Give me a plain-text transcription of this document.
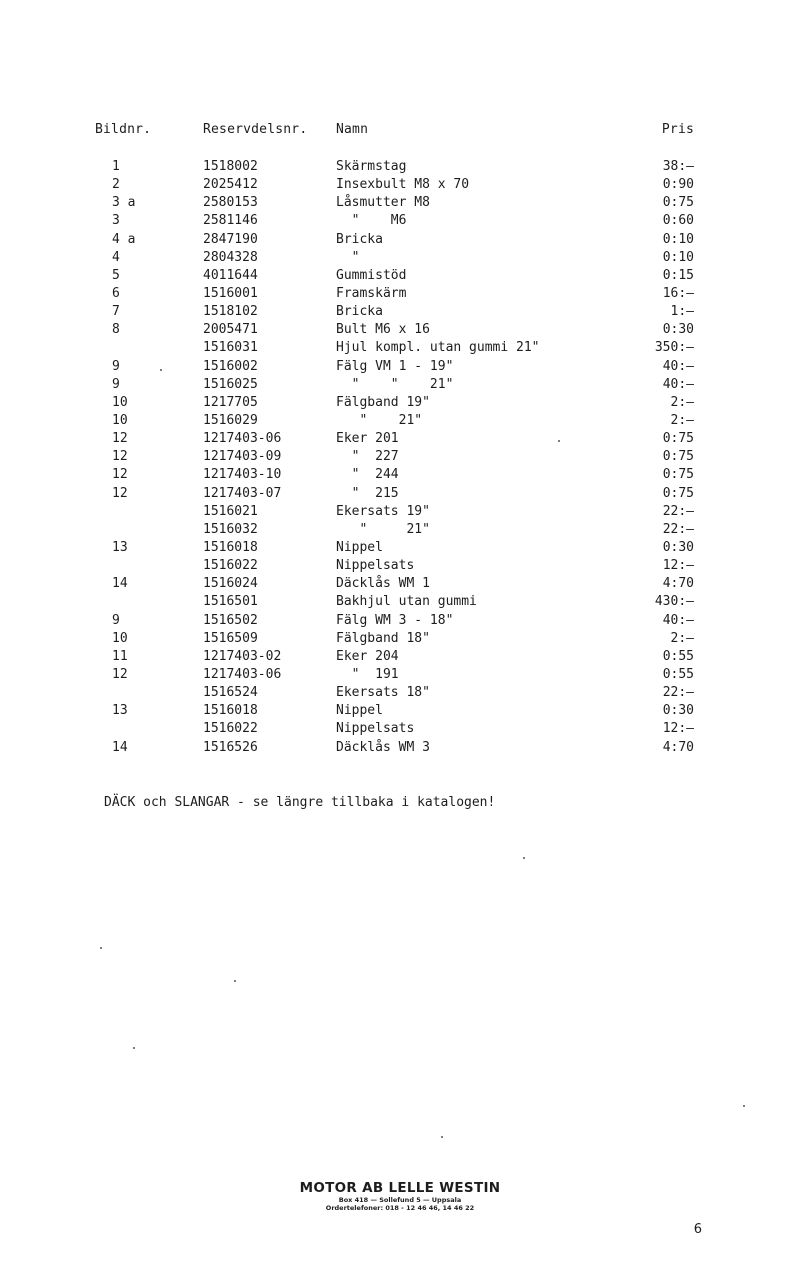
Bildnr.	Reservdelsnr. Namn	Pris
1	1518002	Skärmstag	38:—
2	2025412	Insexbult M8 x 70	0:90
3 a	2580153	Låsmutter M8	0:75
3	2581146	"    M6	0:60
4 a	2847190	Bricka	0:10
4	2804328	"	0:10
5	4011644	Gummistöd	0:15
6	1516001	Framskärm	16:—
7	1518102	Bricka	1:—
8	2005471	Bult M6 x 16	0:30
1516031	Hjul kompl. utan gummi 21"	350:—
9	1516002	Fälg VM 1 - 19"	40:—
9	1516025	"    "    21"	40:—
10	1217705	Fälgband 19"	2:—
10	1516029	"    21"	2:—
12	1217403-06	Eker 201	0:75
12	1217403-09	"  227	0:75
12	1217403-10	"  244	0:75
12	1217403-07	"  215	0:75
1516021	Ekersats 19"	22:—
1516032	"     21"	22:—
13	1516018	Nippel	0:30
1516022	Nippelsats	12:—
14	1516024	Däcklås WM 1	4:70
1516501	Bakhjul utan gummi	430:—
9	1516502	Fälg WM 3 - 18"	40:—
10	1516509	Fälgband 18"	2:—
11	1217403-02	Eker 204	0:55
12	1217403-06	"  191	0:55
1516524	Ekersats 18"	22:—
13	1516018	Nippel	0:30
1516022	Nippelsats	12:—
14	1516526	Däcklås WM 3	4:70
DÄCK och SLANGAR - se längre tillbaka i katalogen!
MOTOR AB LELLE WESTIN
Box 418 — Sollefund 5 — Uppsala
Ordertelefoner: 018 - 12 46 46, 14 46 22
6
